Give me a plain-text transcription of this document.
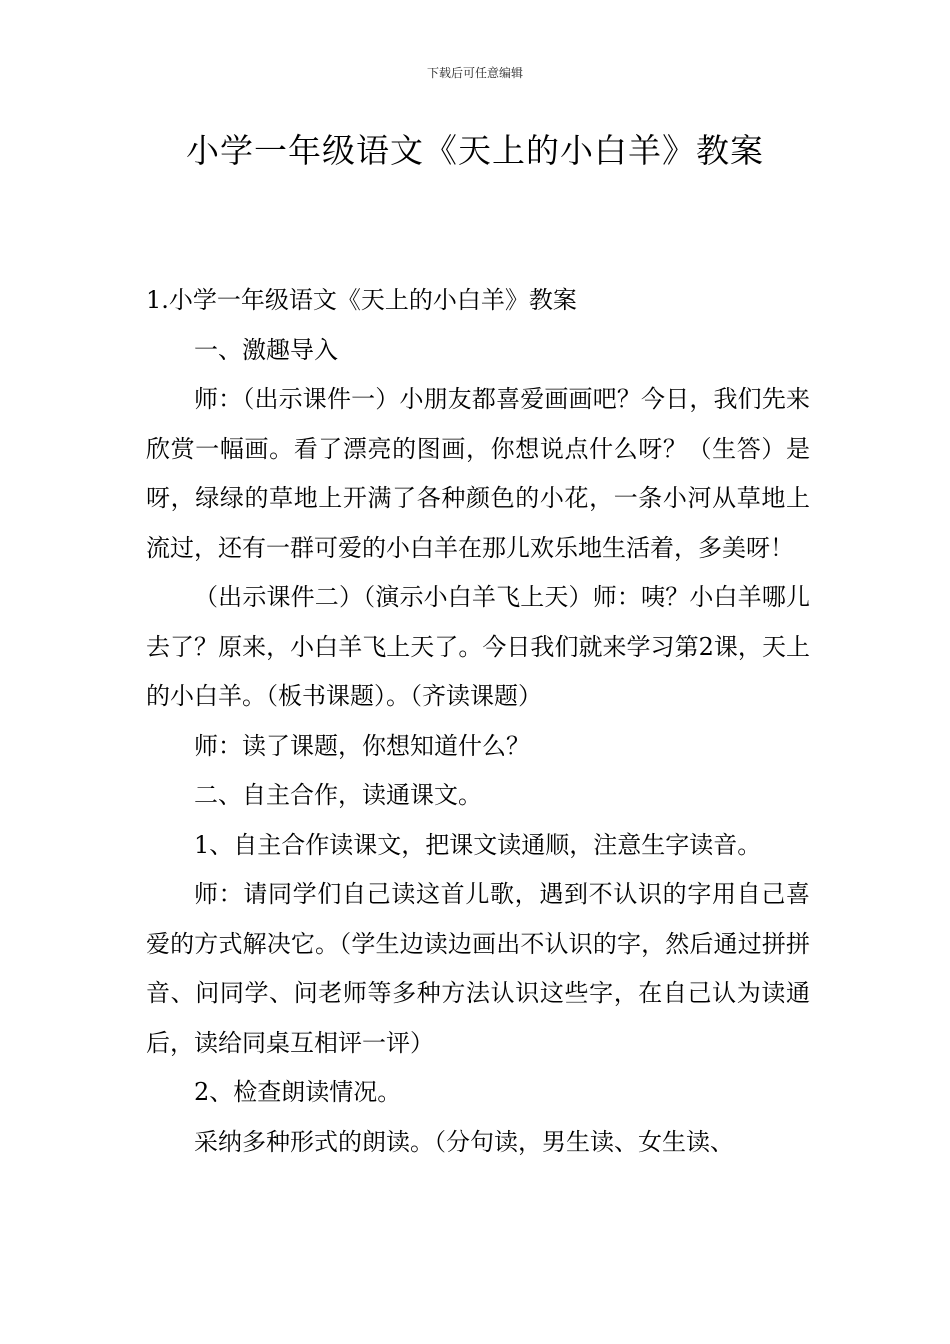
下载后可任意编辑
小学一年级语文《天上的小白羊》教案

1.小学一年级语文《天上的小白羊》教案

一、激趣导入

师：（出示课件一）小朋友都喜爱画画吧？今日，我们先来欣赏一幅画。看了漂亮的图画，你想说点什么呀？（生答）是呀，绿绿的草地上开满了各种颜色的小花，一条小河从草地上流过，还有一群可爱的小白羊在那儿欢乐地生活着，多美呀！

（出示课件二）（演示小白羊飞上天）师：咦？小白羊哪儿去了？原来，小白羊飞上天了。今日我们就来学习第2课，天上的小白羊。（板书课题）。（齐读课题）

师：读了课题，你想知道什么？

二、自主合作，读通课文。

1、自主合作读课文，把课文读通顺，注意生字读音。

师：请同学们自己读这首儿歌，遇到不认识的字用自己喜爱的方式解决它。（学生边读边画出不认识的字，然后通过拼拼音、问同学、问老师等多种方法认识这些字，在自己认为读通后，读给同桌互相评一评）

2、检查朗读情况。

采纳多种形式的朗读。（分句读，男生读、女生读、
